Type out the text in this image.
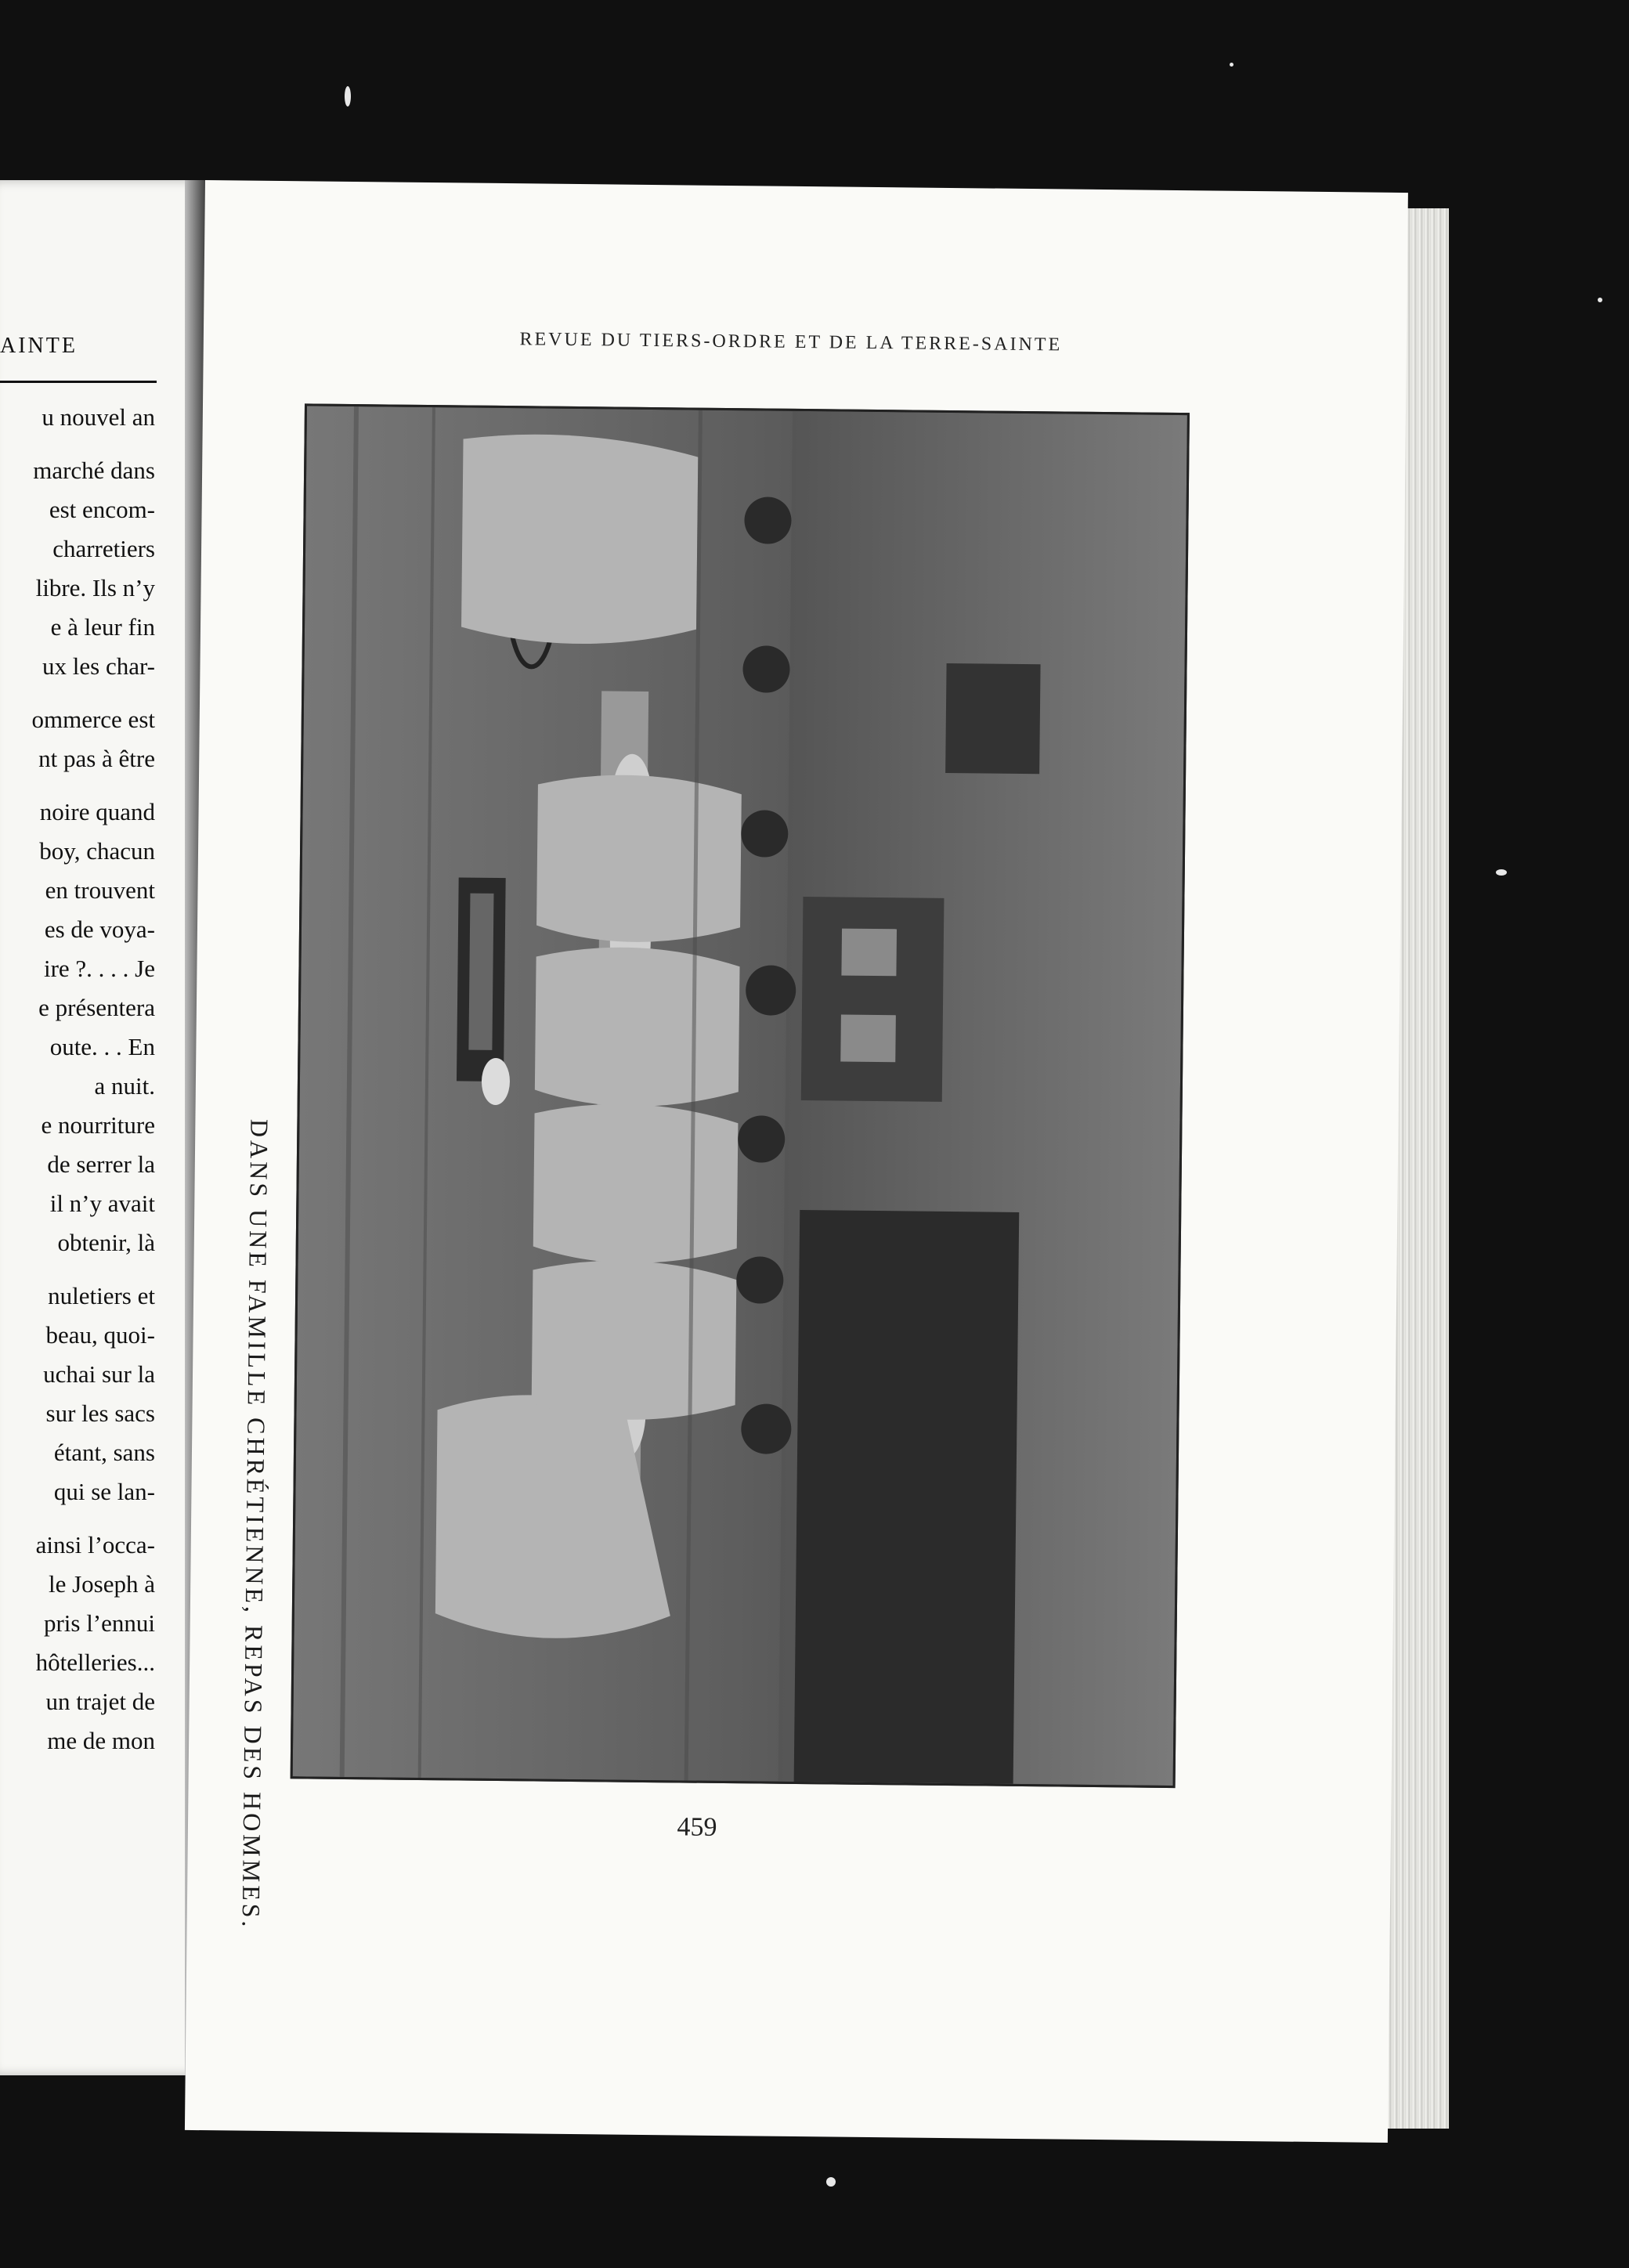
AINTE
u nouvel an
marché dans
est encom-
charretiers
libre. Ils n’y
e à leur fin
ux les char-
ommerce est
nt pas à être
noire quand
boy, chacun
en trouvent
es de voya-
ire ?. . . . Je
e présentera
oute. . . En
a nuit.
e nourriture
de serrer la
il n’y avait
obtenir, là
nuletiers et
beau, quoi-
uchai sur la
sur les sacs
étant, sans
qui se lan-
ainsi l’occa-
le Joseph à
pris l’ennui
hôtelleries...
un trajet de
me de mon
REVUE DU TIERS-ORDRE ET DE LA TERRE-SAINTE
DANS UNE FAMILLE CHRÉTIENNE, REPAS DES HOMMES.	459
